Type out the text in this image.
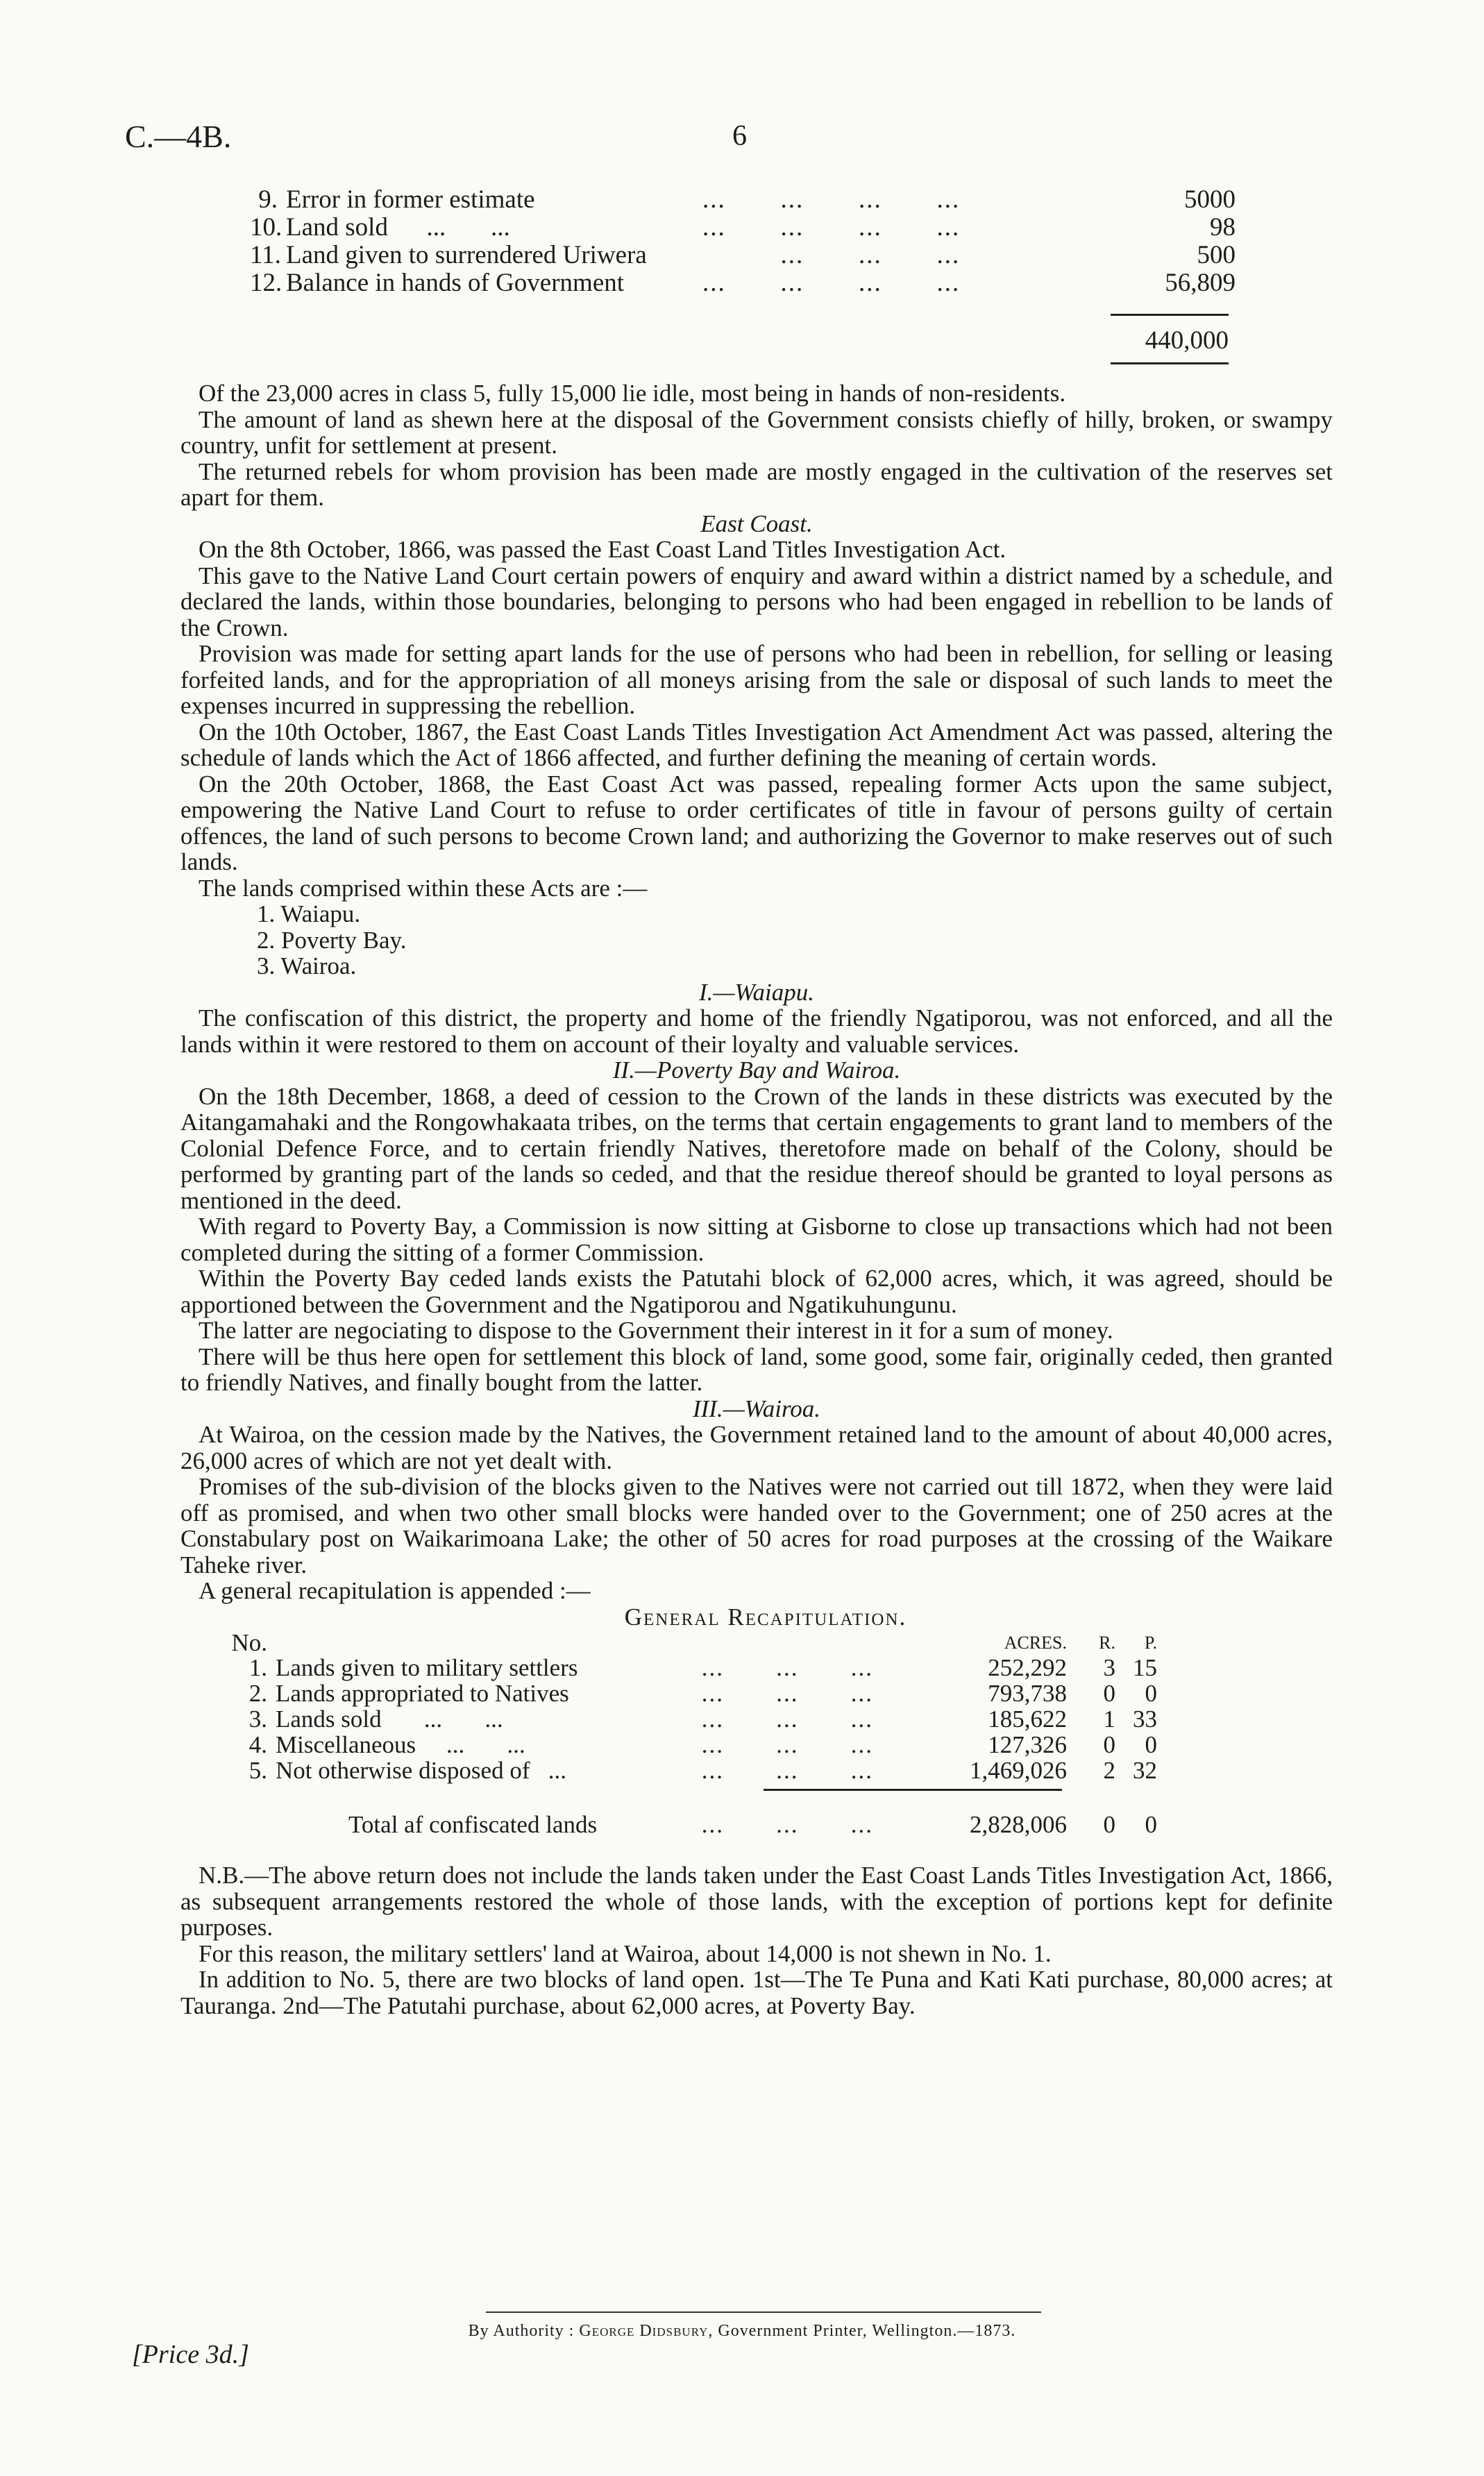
C.—4B.	6
9. Error in former estimate	...       ...       ...       ...	5000
10. Land sold      ...       ...	...       ...       ...       ...	98
11. Land given to surrendered Uriwera	...       ...       ...	500
12. Balance in hands of Government	...       ...       ...       ...	56,809
440,000

Of the 23,000 acres in class 5, fully 15,000 lie idle, most being in hands of non-residents.

The amount of land as shewn here at the disposal of the Government consists chiefly of hilly, broken, or swampy country, unfit for settlement at present.

The returned rebels for whom provision has been made are mostly engaged in the cultivation of the reserves set apart for them.

East Coast.

On the 8th October, 1866, was passed the East Coast Land Titles Investigation Act.

This gave to the Native Land Court certain powers of enquiry and award within a district named by a schedule, and declared the lands, within those boundaries, belonging to persons who had been engaged in rebellion to be lands of the Crown.

Provision was made for setting apart lands for the use of persons who had been in rebellion, for selling or leasing forfeited lands, and for the appropriation of all moneys arising from the sale or disposal of such lands to meet the expenses incurred in suppressing the rebellion.

On the 10th October, 1867, the East Coast Lands Titles Investigation Act Amendment Act was passed, altering the schedule of lands which the Act of 1866 affected, and further defining the meaning of certain words.

On the 20th October, 1868, the East Coast Act was passed, repealing former Acts upon the same subject, empowering the Native Land Court to refuse to order certificates of title in favour of persons guilty of certain offences, the land of such persons to become Crown land; and authorizing the Governor to make reserves out of such lands.

The lands comprised within these Acts are :—

1. Waiapu.

2. Poverty Bay.

3. Wairoa.

I.—Waiapu.

The confiscation of this district, the property and home of the friendly Ngatiporou, was not enforced, and all the lands within it were restored to them on account of their loyalty and valuable services.

II.—Poverty Bay and Wairoa.

On the 18th December, 1868, a deed of cession to the Crown of the lands in these districts was executed by the Aitangamahaki and the Rongowhakaata tribes, on the terms that certain engagements to grant land to members of the Colonial Defence Force, and to certain friendly Natives, theretofore made on behalf of the Colony, should be performed by granting part of the lands so ceded, and that the residue thereof should be granted to loyal persons as mentioned in the deed.

With regard to Poverty Bay, a Commission is now sitting at Gisborne to close up transactions which had not been completed during the sitting of a former Commission.

Within the Poverty Bay ceded lands exists the Patutahi block of 62,000 acres, which, it was agreed, should be apportioned between the Government and the Ngatiporou and Ngatikuhungunu.

The latter are negociating to dispose to the Government their interest in it for a sum of money.

There will be thus here open for settlement this block of land, some good, some fair, originally ceded, then granted to friendly Natives, and finally bought from the latter.

III.—Wairoa.

At Wairoa, on the cession made by the Natives, the Government retained land to the amount of about 40,000 acres, 26,000 acres of which are not yet dealt with.

Promises of the sub-division of the blocks given to the Natives were not carried out till 1872, when they were laid off as promised, and when two other small blocks were handed over to the Government; one of 250 acres at the Constabulary post on Waikarimoana Lake; the other of 50 acres for road purposes at the crossing of the Waikare Taheke river.

A general recapitulation is appended :—

General Recapitulation.

No.	ACRES.	R.	P.
1. Lands given to military settlers	...       ...       ...	252,292	3 15
2. Lands appropriated to Natives	...       ...       ...	793,738	0	0
3. Lands sold       ...       ...	...       ...       ...	185,622	1 33
4. Miscellaneous     ...       ...	...       ...       ...	127,326	0	0
5. Not otherwise disposed of   ...	...       ...       ...	1,469,026	2 32
Total af confiscated lands	...       ...       ...	2,828,006	0	0

N.B.—The above return does not include the lands taken under the East Coast Lands Titles Investigation Act, 1866, as subsequent arrangements restored the whole of those lands, with the exception of portions kept for definite purposes.

For this reason, the military settlers' land at Wairoa, about 14,000 is not shewn in No. 1.

In addition to No. 5, there are two blocks of land open. 1st—The Te Puna and Kati Kati purchase, 80,000 acres; at Tauranga. 2nd—The Patutahi purchase, about 62,000 acres, at Poverty Bay.

By Authority : George Didsbury, Government Printer, Wellington.—1873.
[Price 3d.]
